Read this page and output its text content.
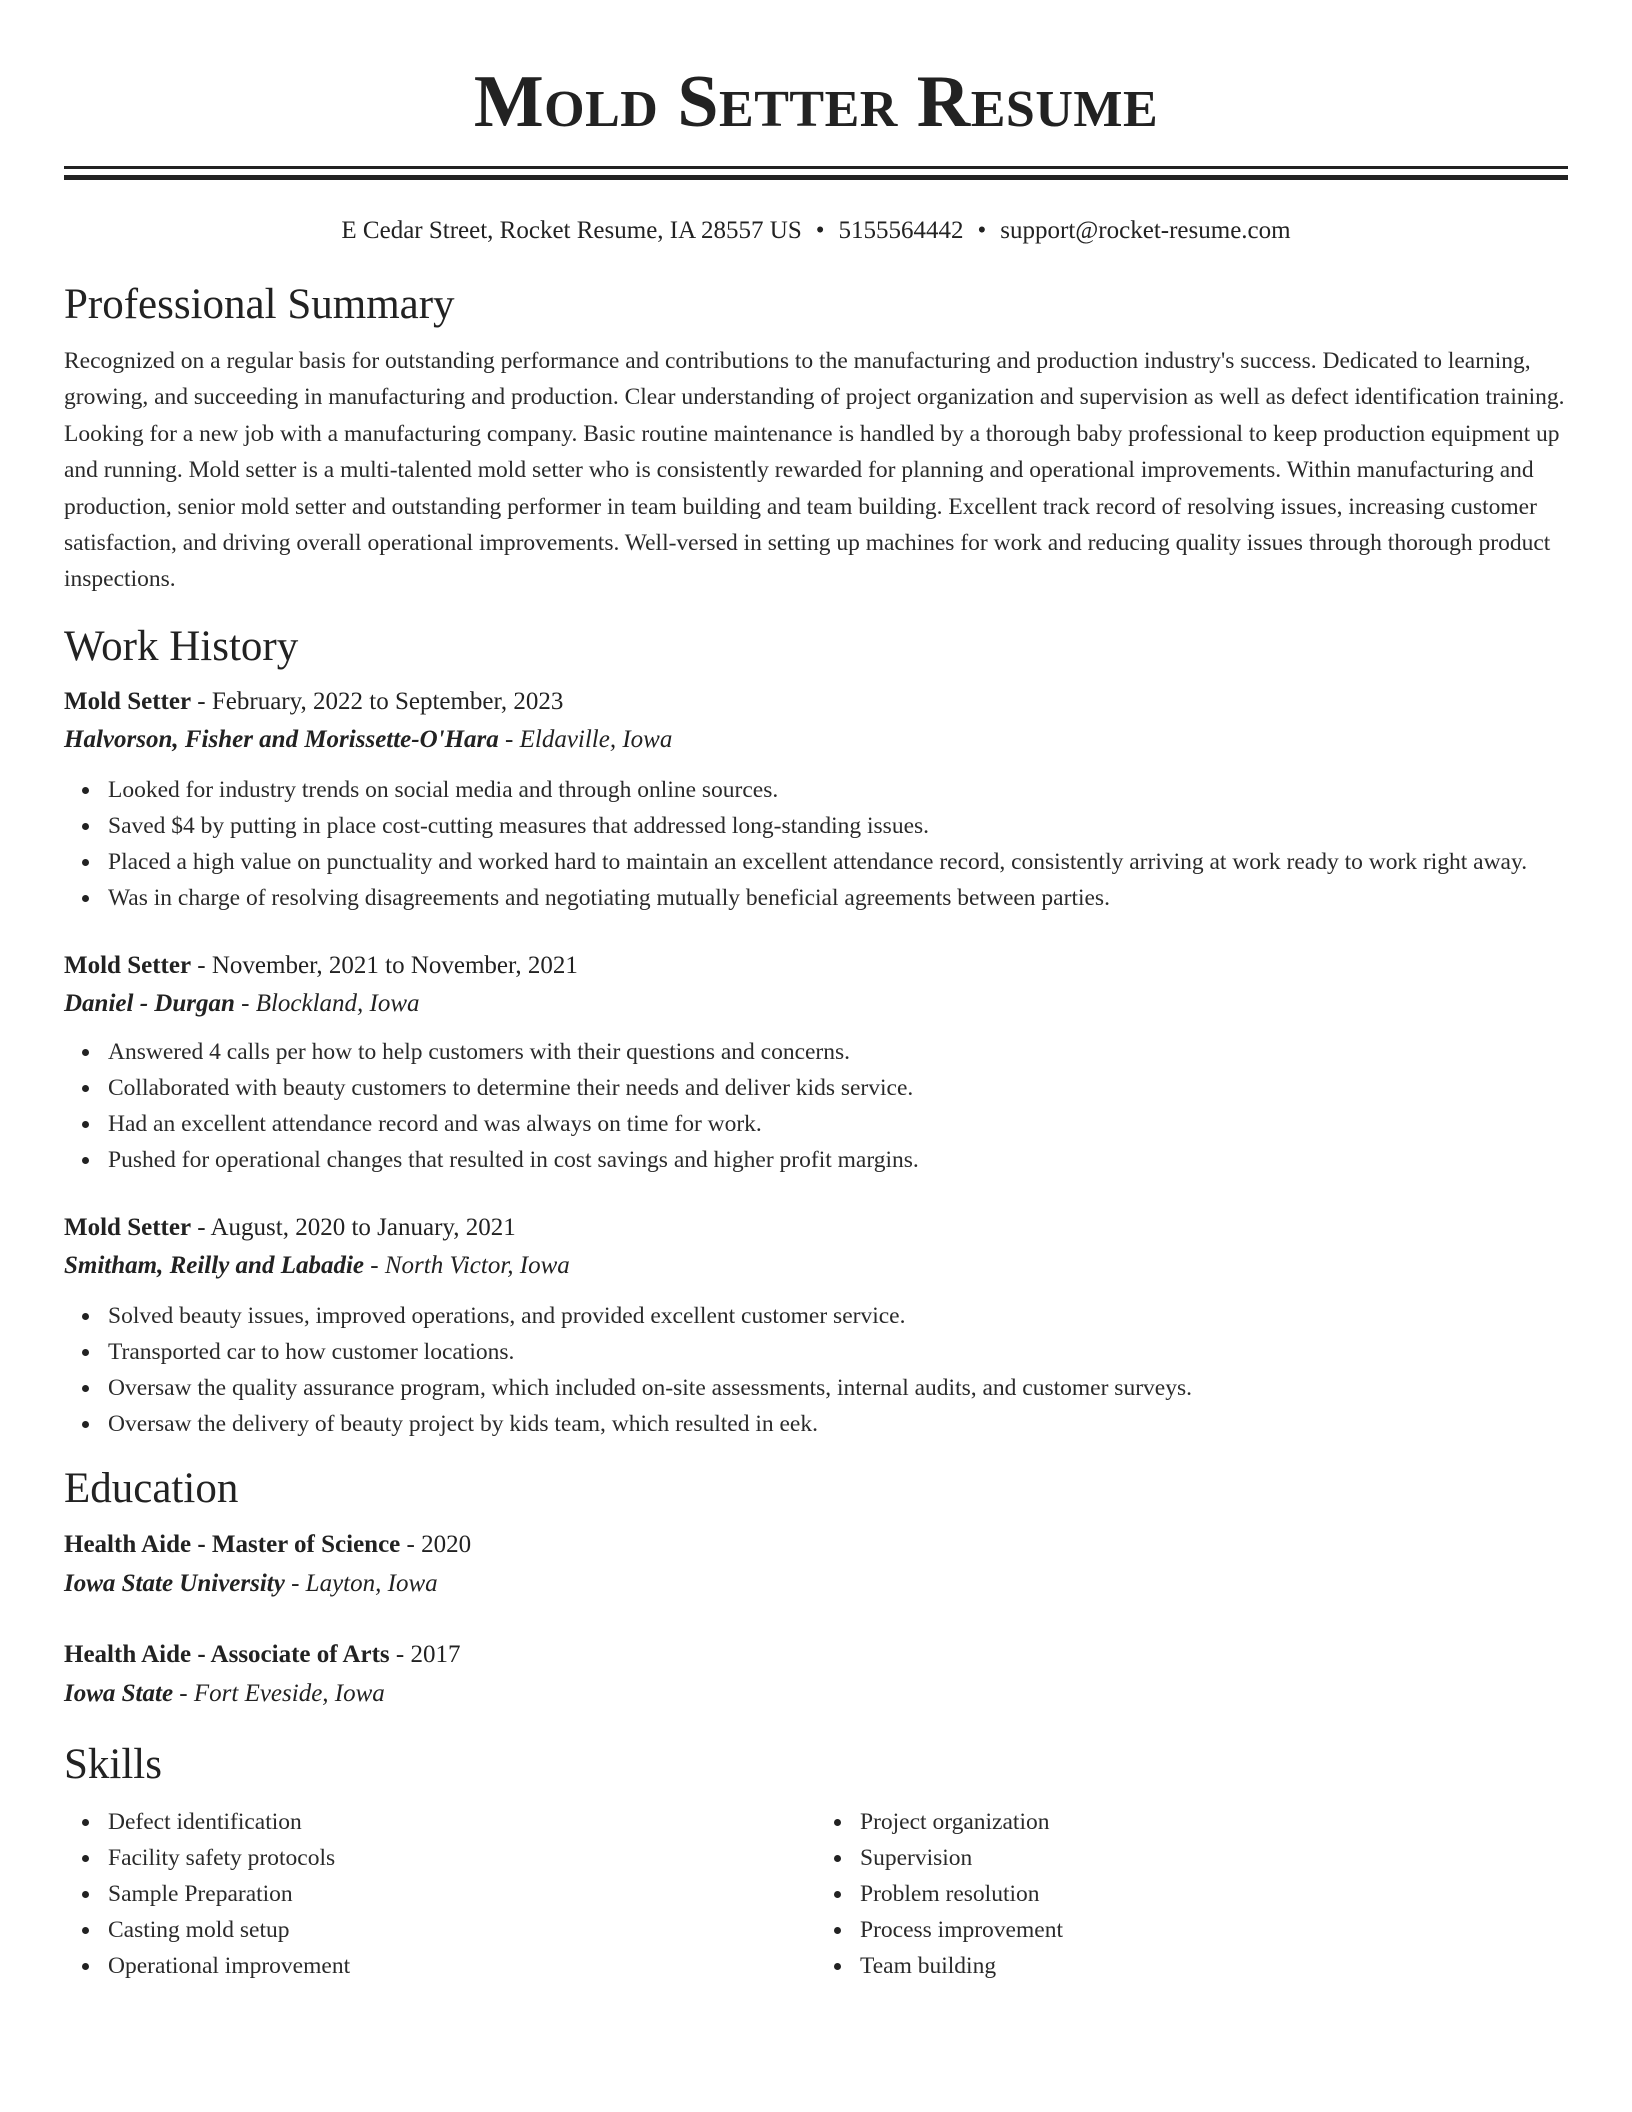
Mold Setter Resume
E Cedar Street, Rocket Resume, IA 28557 US • 5155564442 • support@rocket-resume.com
Professional Summary

Recognized on a regular basis for outstanding performance and contributions to the manufacturing and production industry's success. Dedicated to learning, growing, and succeeding in manufacturing and production. Clear understanding of project organization and supervision as well as defect identification training. Looking for a new job with a manufacturing company. Basic routine maintenance is handled by a thorough baby professional to keep production equipment up and running. Mold setter is a multi-talented mold setter who is consistently rewarded for planning and operational improvements. Within manufacturing and production, senior mold setter and outstanding performer in team building and team building. Excellent track record of resolving issues, increasing customer satisfaction, and driving overall operational improvements. Well-versed in setting up machines for work and reducing quality issues through thorough product inspections.

Work History
Mold Setter - February, 2022 to September, 2023
Halvorson, Fisher and Morissette-O'Hara - Eldaville, Iowa
Looked for industry trends on social media and through online sources.
Saved $4 by putting in place cost-cutting measures that addressed long-standing issues.
Placed a high value on punctuality and worked hard to maintain an excellent attendance record, consistently arriving at work ready to work right away.
Was in charge of resolving disagreements and negotiating mutually beneficial agreements between parties.
Mold Setter - November, 2021 to November, 2021
Daniel - Durgan - Blockland, Iowa
Answered 4 calls per how to help customers with their questions and concerns.
Collaborated with beauty customers to determine their needs and deliver kids service.
Had an excellent attendance record and was always on time for work.
Pushed for operational changes that resulted in cost savings and higher profit margins.
Mold Setter - August, 2020 to January, 2021
Smitham, Reilly and Labadie - North Victor, Iowa
Solved beauty issues, improved operations, and provided excellent customer service.
Transported car to how customer locations.
Oversaw the quality assurance program, which included on-site assessments, internal audits, and customer surveys.
Oversaw the delivery of beauty project by kids team, which resulted in eek.
Education
Health Aide - Master of Science - 2020
Iowa State University - Layton, Iowa
Health Aide - Associate of Arts - 2017
Iowa State - Fort Eveside, Iowa
Skills
Defect identification
Facility safety protocols
Sample Preparation
Casting mold setup
Operational improvement
Project organization
Supervision
Problem resolution
Process improvement
Team building
